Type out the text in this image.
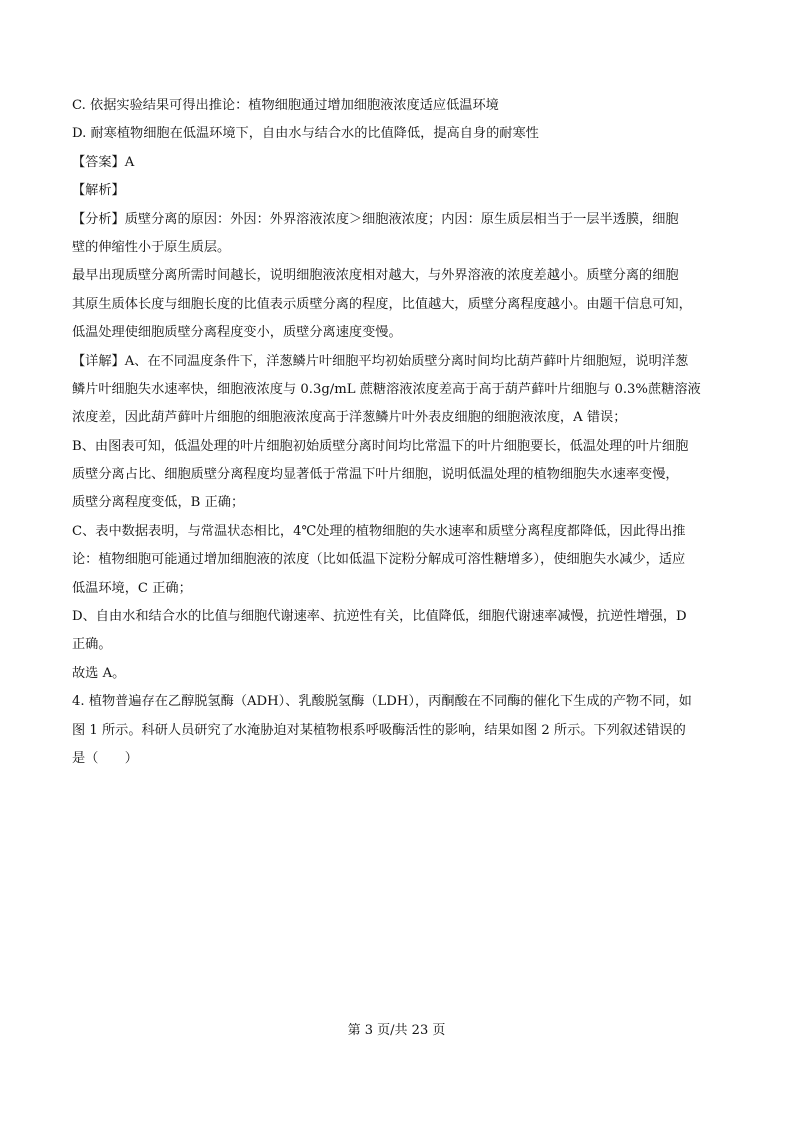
C. 依据实验结果可得出推论：植物细胞通过增加细胞液浓度适应低温环境
D. 耐寒植物细胞在低温环境下，自由水与结合水的比值降低，提高自身的耐寒性
【答案】A
【解析】
【分析】质壁分离的原因：外因：外界溶液浓度＞细胞液浓度；内因：原生质层相当于一层半透膜，细胞
壁的伸缩性小于原生质层。
最早出现质壁分离所需时间越长，说明细胞液浓度相对越大，与外界溶液的浓度差越小。质壁分离的细胞
其原生质体长度与细胞长度的比值表示质壁分离的程度，比值越大，质壁分离程度越小。由题干信息可知，
低温处理使细胞质壁分离程度变小，质壁分离速度变慢。
【详解】A、在不同温度条件下，洋葱鳞片叶细胞平均初始质壁分离时间均比葫芦藓叶片细胞短，说明洋葱
鳞片叶细胞失水速率快，细胞液浓度与 0.3g/mL 蔗糖溶液浓度差高于高于葫芦藓叶片细胞与 0.3%蔗糖溶液
浓度差，因此葫芦藓叶片细胞的细胞液浓度高于洋葱鳞片叶外表皮细胞的细胞液浓度，A 错误；
B、由图表可知，低温处理的叶片细胞初始质壁分离时间均比常温下的叶片细胞要长，低温处理的叶片细胞
质壁分离占比、细胞质壁分离程度均显著低于常温下叶片细胞，说明低温处理的植物细胞失水速率变慢，
质壁分离程度变低，B 正确；
C、表中数据表明，与常温状态相比，4℃处理的植物细胞的失水速率和质壁分离程度都降低，因此得出推
论：植物细胞可能通过增加细胞液的浓度（比如低温下淀粉分解成可溶性糖增多），使细胞失水减少，适应
低温环境，C 正确；
D、自由水和结合水的比值与细胞代谢速率、抗逆性有关，比值降低，细胞代谢速率减慢，抗逆性增强，D
正确。
故选 A。
4. 植物普遍存在乙醇脱氢酶（ADH）、乳酸脱氢酶（LDH），丙酮酸在不同酶的催化下生成的产物不同，如
图 1 所示。科研人员研究了水淹胁迫对某植物根系呼吸酶活性的影响，结果如图 2 所示。下列叙述错误的
是（　　）
第 3 页/共 23 页
